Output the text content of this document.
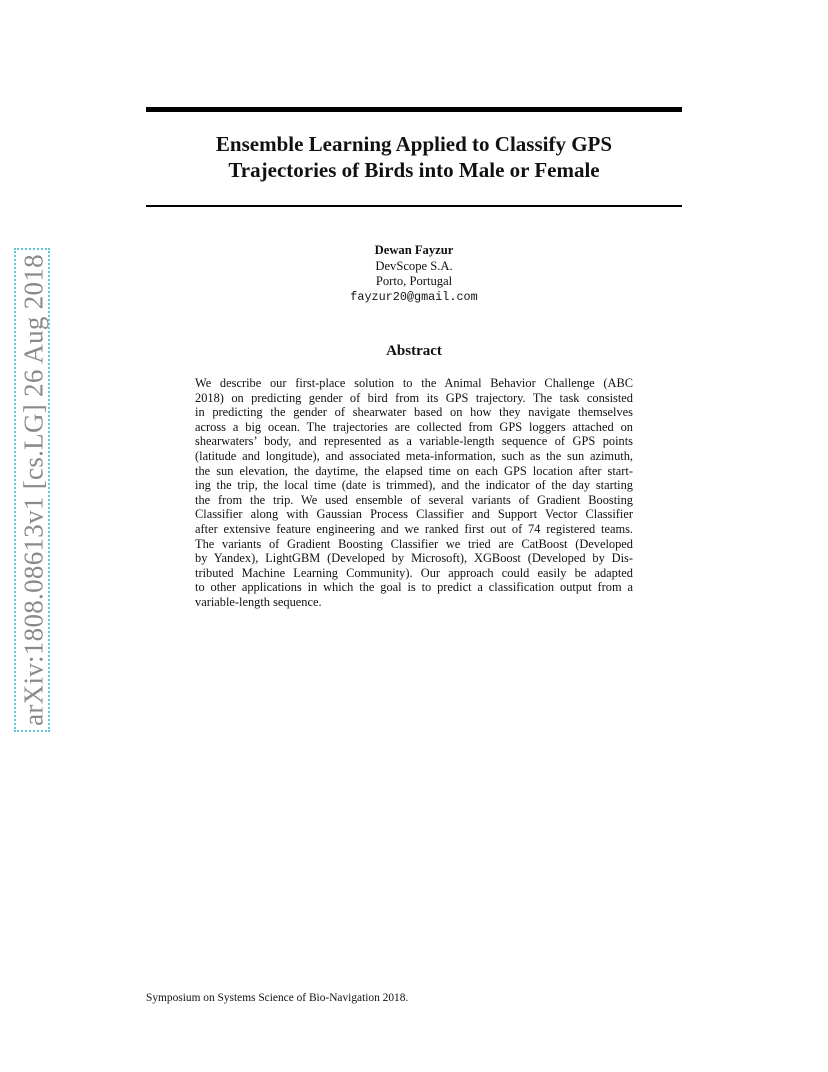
arXiv:1808.08613v1 [cs.LG] 26 Aug 2018
Ensemble Learning Applied to Classify GPS
Trajectories of Birds into Male or Female
Dewan Fayzur
DevScope S.A.
Porto, Portugal
fayzur20@gmail.com
Abstract
We describe our first-place solution to the Animal Behavior Challenge (ABC
2018) on predicting gender of bird from its GPS trajectory. The task consisted
in predicting the gender of shearwater based on how they navigate themselves
across a big ocean. The trajectories are collected from GPS loggers attached on
shearwaters’ body, and represented as a variable-length sequence of GPS points
(latitude and longitude), and associated meta-information, such as the sun azimuth,
the sun elevation, the daytime, the elapsed time on each GPS location after start-
ing the trip, the local time (date is trimmed), and the indicator of the day starting
the from the trip. We used ensemble of several variants of Gradient Boosting
Classifier along with Gaussian Process Classifier and Support Vector Classifier
after extensive feature engineering and we ranked first out of 74 registered teams.
The variants of Gradient Boosting Classifier we tried are CatBoost (Developed
by Yandex), LightGBM (Developed by Microsoft), XGBoost (Developed by Dis-
tributed Machine Learning Community). Our approach could easily be adapted
to other applications in which the goal is to predict a classification output from a
variable-length sequence.
Symposium on Systems Science of Bio-Navigation 2018.
